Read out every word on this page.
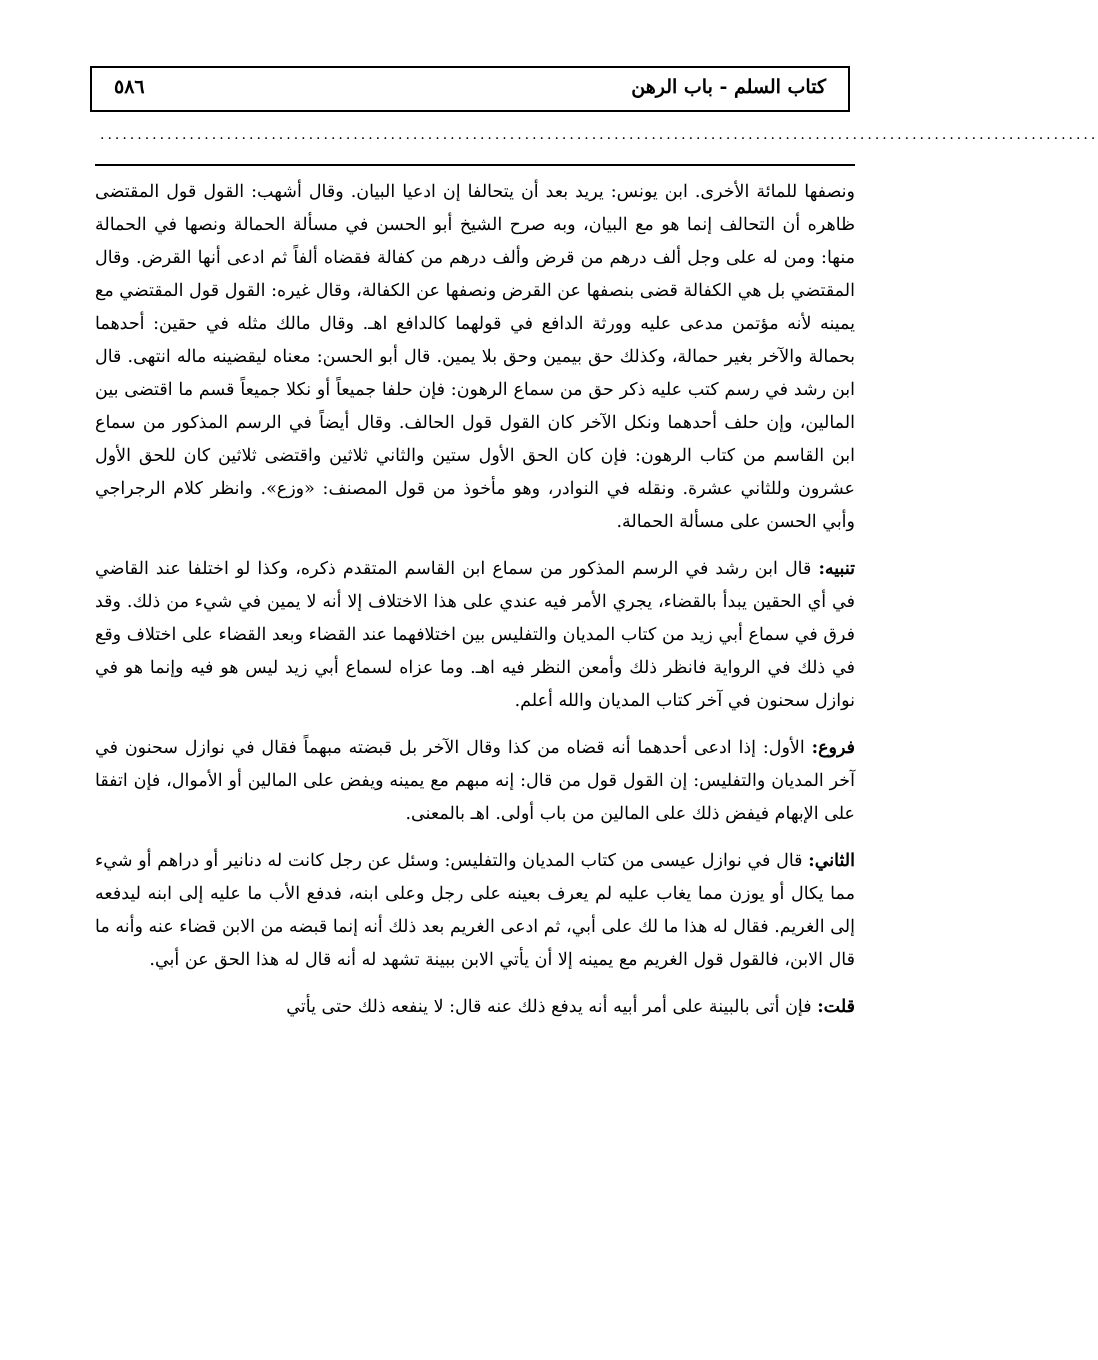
كتاب السلم - باب الرهن
٥٨٦
......................................................................................................................................

ونصفها للمائة الأخرى. ابن يونس: يريد بعد أن يتحالفا إن ادعيا البيان. وقال أشهب: القول قول المقتضى ظاهره أن التحالف إنما هو مع البيان، وبه صرح الشيخ أبو الحسن في مسألة الحمالة ونصها في الحمالة منها: ومن له على وجل ألف درهم من قرض وألف درهم من كفالة فقضاه ألفاً ثم ادعى أنها القرض. وقال المقتضي بل هي الكفالة قضى بنصفها عن القرض ونصفها عن الكفالة، وقال غيره: القول قول المقتضي مع يمينه لأنه مؤتمن مدعى عليه وورثة الدافع في قولهما كالدافع اهـ. وقال مالك مثله في حقين: أحدهما بحمالة والآخر بغير حمالة، وكذلك حق بيمين وحق بلا يمين. قال أبو الحسن: معناه ليقضينه ماله انتهى. قال ابن رشد في رسم كتب عليه ذكر حق من سماع الرهون: فإن حلفا جميعاً أو نكلا جميعاً قسم ما اقتضى بين المالين، وإن حلف أحدهما ونكل الآخر كان القول قول الحالف. وقال أيضاً في الرسم المذكور من سماع ابن القاسم من كتاب الرهون: فإن كان الحق الأول ستين والثاني ثلاثين واقتضى ثلاثين كان للحق الأول عشرون وللثاني عشرة. ونقله في النوادر، وهو مأخوذ من قول المصنف: «وزع». وانظر كلام الرجراجي وأبي الحسن على مسألة الحمالة.

تنبيه: قال ابن رشد في الرسم المذكور من سماع ابن القاسم المتقدم ذكره، وكذا لو اختلفا عند القاضي في أي الحقين يبدأ بالقضاء، يجري الأمر فيه عندي على هذا الاختلاف إلا أنه لا يمين في شيء من ذلك. وقد فرق في سماع أبي زيد من كتاب المديان والتفليس بين اختلافهما عند القضاء وبعد القضاء على اختلاف وقع في ذلك في الرواية فانظر ذلك وأمعن النظر فيه اهـ. وما عزاه لسماع أبي زيد ليس هو فيه وإنما هو في نوازل سحنون في آخر كتاب المديان والله أعلم.

فروع: الأول: إذا ادعى أحدهما أنه قضاه من كذا وقال الآخر بل قبضته مبهماً فقال في نوازل سحنون في آخر المديان والتفليس: إن القول قول من قال: إنه مبهم مع يمينه ويفض على المالين أو الأموال، فإن اتفقا على الإبهام فيفض ذلك على المالين من باب أولى. اهـ بالمعنى.

الثاني: قال في نوازل عيسى من كتاب المديان والتفليس: وسئل عن رجل كانت له دنانير أو دراهم أو شيء مما يكال أو يوزن مما يغاب عليه لم يعرف بعينه على رجل وعلى ابنه، فدفع الأب ما عليه إلى ابنه ليدفعه إلى الغريم. فقال له هذا ما لك على أبي، ثم ادعى الغريم بعد ذلك أنه إنما قبضه من الابن قضاء عنه وأنه ما قال الابن، فالقول قول الغريم مع يمينه إلا أن يأتي الابن ببينة تشهد له أنه قال له هذا الحق عن أبي.

قلت: فإن أتى بالبينة على أمر أبيه أنه يدفع ذلك عنه قال: لا ينفعه ذلك حتى يأتي
